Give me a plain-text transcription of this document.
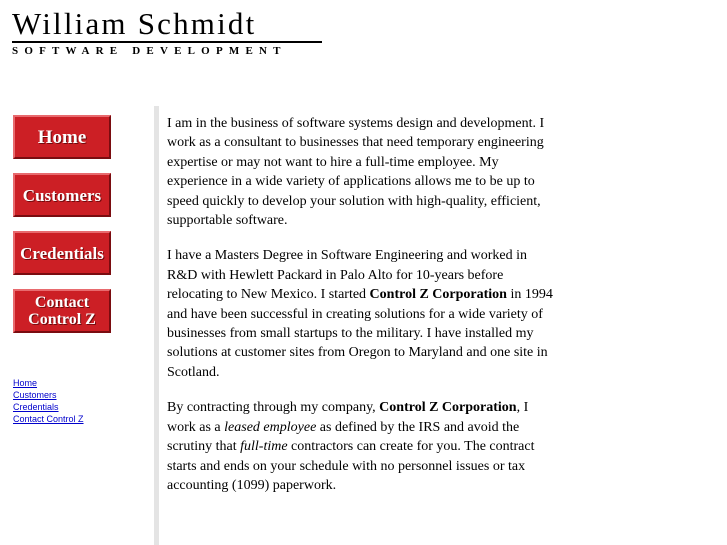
William Schmidt
SOFTWARE DEVELOPMENT
Home
Customers
Credentials
Contact
Control Z
Home
Customers
Credentials
Contact Control Z

I am in the business of software systems design and development. I work as a consultant to businesses that need temporary engineering expertise or may not want to hire a full-time employee. My experience in a wide variety of applications allows me to be up to speed quickly to develop your solution with high-quality, efficient, supportable software.

I have a Masters Degree in Software Engineering and worked in R&D with Hewlett Packard in Palo Alto for 10-years before relocating to New Mexico. I started Control Z Corporation in 1994 and have been successful in creating solutions for a wide variety of businesses from small startups to the military. I have installed my solutions at customer sites from Oregon to Maryland and one site in Scotland.

By contracting through my company, Control Z Corporation, I work as a leased employee as defined by the IRS and avoid the scrutiny that full-time contractors can create for you. The contract starts and ends on your schedule with no personnel issues or tax accounting (1099) paperwork.
